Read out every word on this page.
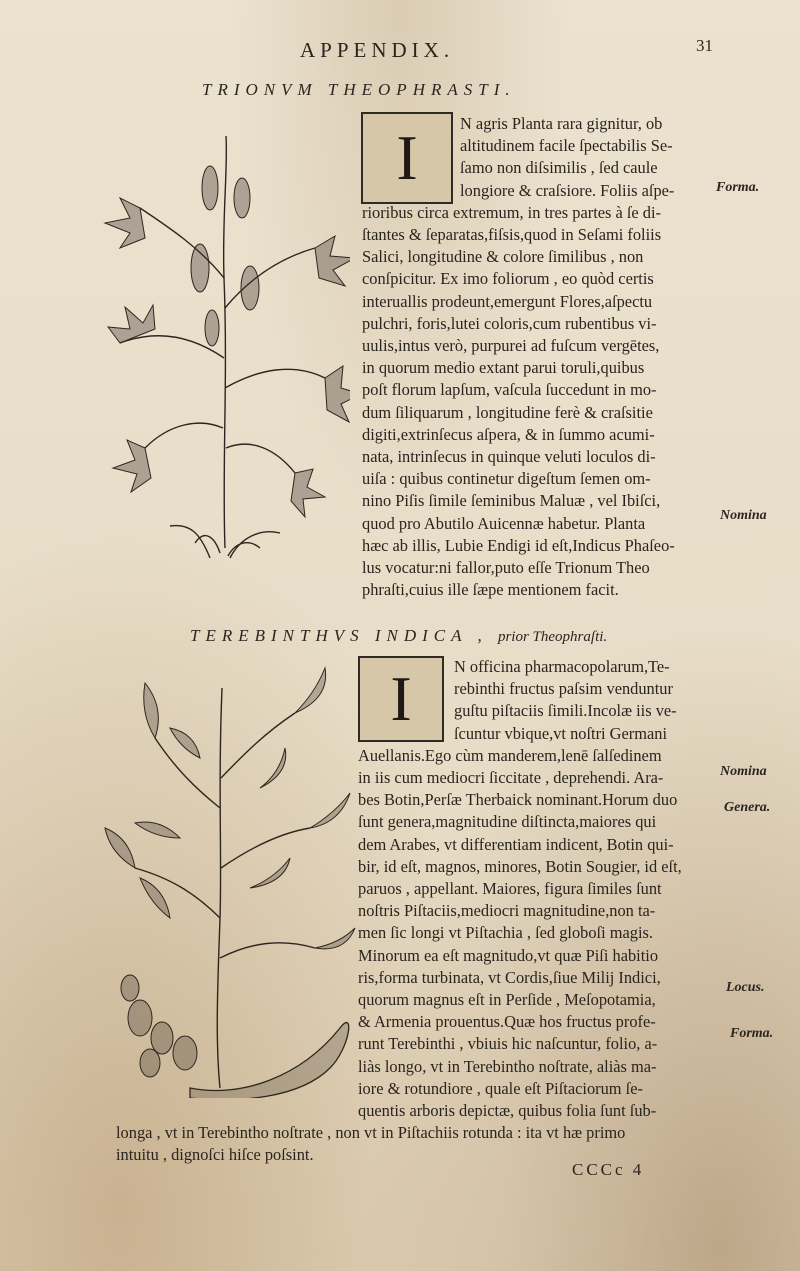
APPENDIX.	31
TRIONVM THEOPHRASTI.
I	N agris Planta rara gignitur, ob
altitudinem facile ſpectabilis Se-
ſamo non diſsimilis , ſed caule
longiore & craſsiore. Foliis aſpe-
rioribus circa extremum, in tres partes à ſe di-
ſtantes & ſeparatas,fiſsis,quod in Seſami foliis
Salici, longitudine & colore ſimilibus , non
conſpicitur. Ex imo foliorum , eo quòd certis
interuallis prodeunt,emergunt Flores,aſpectu
pulchri, foris,lutei coloris,cum rubentibus vi-
uulis,intus verò, purpurei ad fuſcum vergētes,
in quorum medio extant parui toruli,quibus
poſt florum lapſum, vaſcula ſuccedunt in mo-
dum ſiliquarum , longitudine ferè & craſsitie
digiti,extrinſecus aſpera, & in ſummo acumi-
nata, intrinſecus in quinque veluti loculos di-
uiſa : quibus continetur digeſtum ſemen om-
nino Piſis ſimile ſeminibus Maluæ , vel Ibiſci,
quod pro Abutilo Auicennæ habetur. Planta
hæc ab illis, Lubie Endigi id eſt,Indicus Phaſeo-
lus vocatur:ni fallor,puto eſſe Trionum Theo
phraſti,cuius ille ſæpe mentionem facit.
Forma.
Nomina
TEREBINTHVS INDICA , prior Theophraſti.
I	N officina pharmacopolarum,Te-
rebinthi fructus paſsim venduntur
guſtu piſtaciis ſimili.Incolæ iis ve-
ſcuntur vbique,vt noſtri Germani
Auellanis.Ego cùm manderem,lenē ſalſedinem
in iis cum mediocri ſiccitate , deprehendi. Ara-
bes Botin,Perſæ Therbaick nominant.Horum duo
ſunt genera,magnitudine diſtincta,maiores qui
dem Arabes, vt differentiam indicent, Botin qui-
bir, id eſt, magnos, minores, Botin Sougier, id eſt,
paruos , appellant. Maiores, figura ſimiles ſunt
noſtris Piſtaciis,mediocri magnitudine,non ta-
men ſic longi vt Piſtachia , ſed globoſi magis.
Minorum ea eſt magnitudo,vt quæ Piſi habitio
ris,forma turbinata, vt Cordis,ſiue Milij Indici,
quorum magnus eſt in Perſide , Meſopotamia,
& Armenia prouentus.Quæ hos fructus profe-
runt Terebinthi , vbiuis hic naſcuntur, folio, a-
liàs longo, vt in Terebintho noſtrate, aliàs ma-
iore & rotundiore , quale eſt Piſtaciorum ſe-
quentis arboris depictæ, quibus folia ſunt ſub-
longa , vt in Terebintho noſtrate , non vt in Piſtachiis rotunda : ita vt hæ primo
intuitu , dignoſci hiſce poſsint.
Nomina
Genera.
Locus.
Forma.
CCCc 4
